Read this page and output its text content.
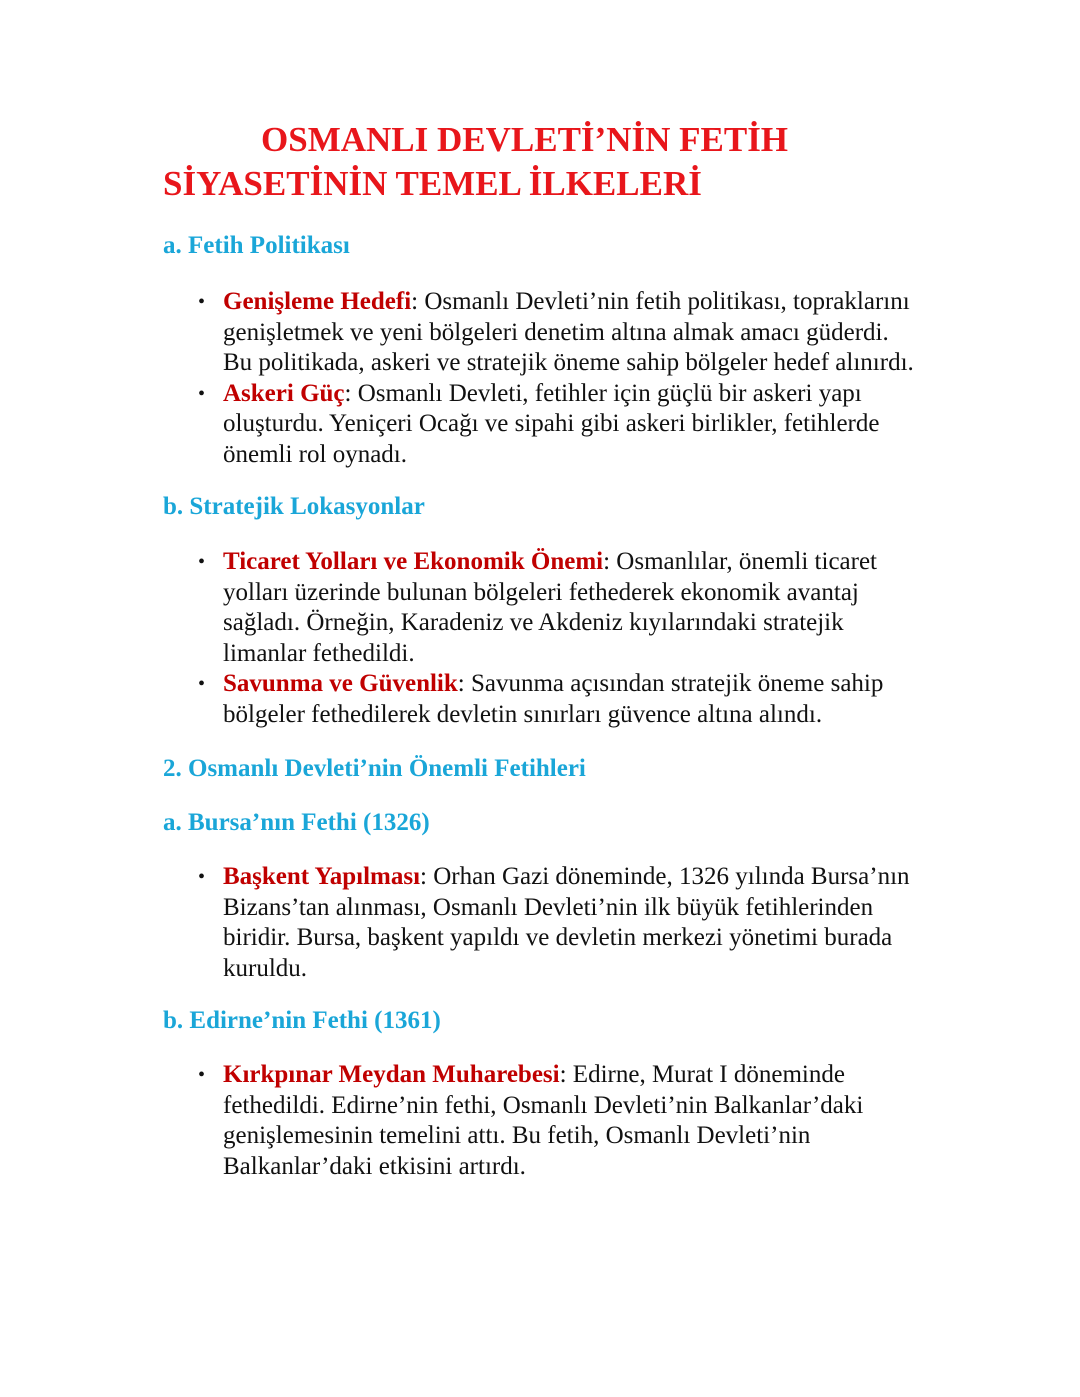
OSMANLI DEVLETİ’NİN FETİH SİYASETİNİN TEMEL İLKELERİ
a. Fetih Politikası
• Genişleme Hedefi: Osmanlı Devleti’nin fetih politikası, topraklarını genişletmek ve yeni bölgeleri denetim altına almak amacı güderdi. Bu politikada, askeri ve stratejik öneme sahip bölgeler hedef alınırdı.
• Askeri Güç: Osmanlı Devleti, fetihler için güçlü bir askeri yapı oluşturdu. Yeniçeri Ocağı ve sipahi gibi askeri birlikler, fetihlerde önemli rol oynadı.
b. Stratejik Lokasyonlar
• Ticaret Yolları ve Ekonomik Önemi: Osmanlılar, önemli ticaret yolları üzerinde bulunan bölgeleri fethederek ekonomik avantaj sağladı. Örneğin, Karadeniz ve Akdeniz kıyılarındaki stratejik limanlar fethedildi.
• Savunma ve Güvenlik: Savunma açısından stratejik öneme sahip bölgeler fethedilerek devletin sınırları güvence altına alındı.
2. Osmanlı Devleti’nin Önemli Fetihleri
a. Bursa’nın Fethi (1326)
• Başkent Yapılması: Orhan Gazi döneminde, 1326 yılında Bursa’nın Bizans’tan alınması, Osmanlı Devleti’nin ilk büyük fetihlerinden biridir. Bursa, başkent yapıldı ve devletin merkezi yönetimi burada kuruldu.
b. Edirne’nin Fethi (1361)
• Kırkpınar Meydan Muharebesi: Edirne, Murat I döneminde fethedildi. Edirne’nin fethi, Osmanlı Devleti’nin Balkanlar’daki genişlemesinin temelini attı. Bu fetih, Osmanlı Devleti’nin Balkanlar’daki etkisini artırdı.
